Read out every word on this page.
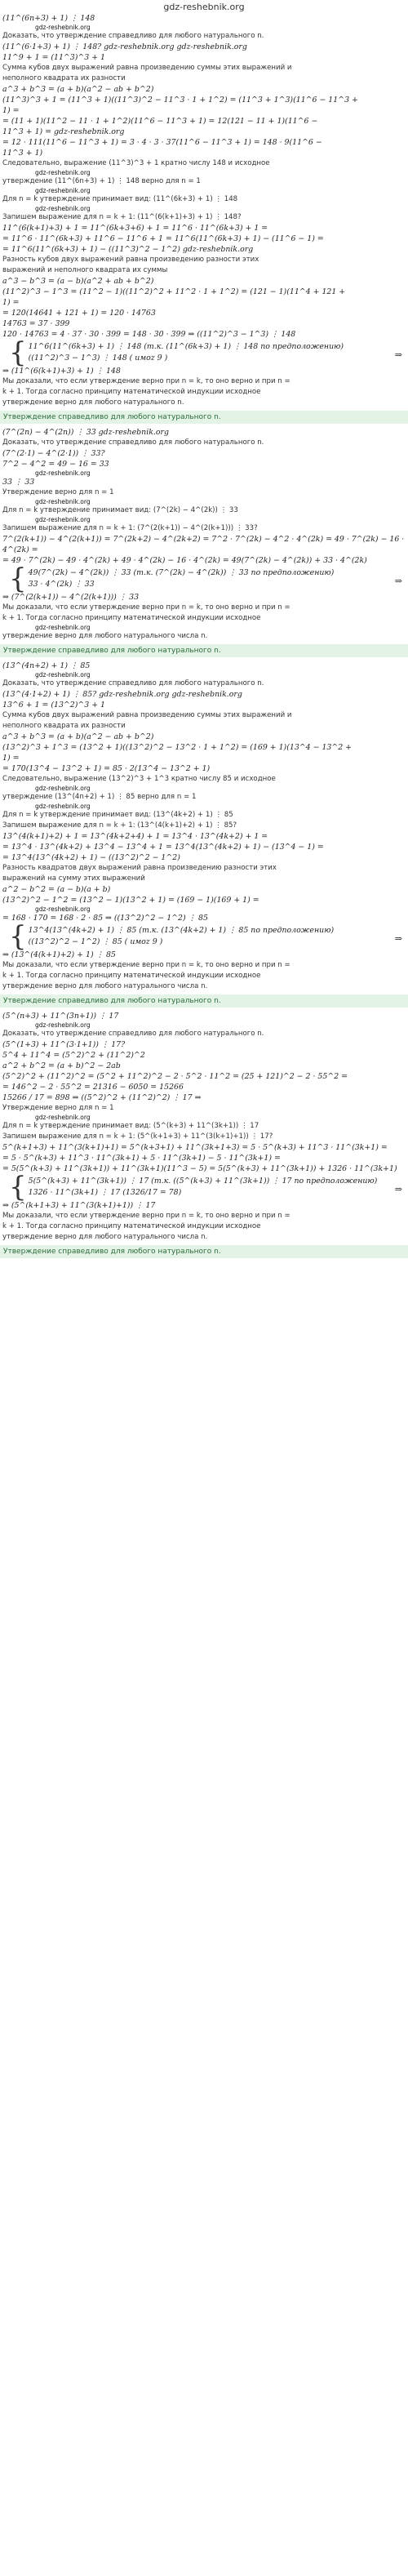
gdz-reshebnik.org
(11^(6n+3) + 1) ⋮ 148
gdz-reshebnik.org
Доказать, что утверждение справедливо для любого натурального n.
(11^(6·1+3) + 1) ⋮ 148? gdz-reshebnik.org gdz-reshebnik.org
11^9 + 1 = (11^3)^3 + 1
Сумма кубов двух выражений равна произведению суммы этих выражений и
неполного квадрата их разности
a^3 + b^3 = (a + b)(a^2 − ab + b^2)
(11^3)^3 + 1 = (11^3 + 1)((11^3)^2 − 11^3 · 1 + 1^2) = (11^3 + 1^3)(11^6 − 11^3 +
1) =
= (11 + 1)(11^2 − 11 · 1 + 1^2)(11^6 − 11^3 + 1) = 12(121 − 11 + 1)(11^6 −
11^3 + 1) = gdz-reshebnik.org
= 12 · 111(11^6 − 11^3 + 1) = 3 · 4 · 3 · 37(11^6 − 11^3 + 1) = 148 · 9(11^6 −
11^3 + 1)
Следовательно, выражение (11^3)^3 + 1 кратно числу 148 и исходное
gdz-reshebnik.org
утверждение (11^(6n+3) + 1) ⋮ 148 верно для n = 1
gdz-reshebnik.org
Для n = k утверждение принимает вид: (11^(6k+3) + 1) ⋮ 148
gdz-reshebnik.org
Запишем выражение для n = k + 1: (11^(6(k+1)+3) + 1) ⋮ 148?
11^(6(k+1)+3) + 1 = 11^(6k+3+6) + 1 = 11^6 · 11^(6k+3) + 1 =
= 11^6 · 11^(6k+3) + 11^6 − 11^6 + 1 = 11^6(11^(6k+3) + 1) − (11^6 − 1) =
= 11^6(11^(6k+3) + 1) − ((11^3)^2 − 1^2) gdz-reshebnik.org
Разность кубов двух выражений равна произведению разности этих
выражений и неполного квадрата их суммы
a^3 − b^3 = (a − b)(a^2 + ab + b^2)
(11^2)^3 − 1^3 = (11^2 − 1)((11^2)^2 + 11^2 · 1 + 1^2) = (121 − 1)(11^4 + 121 +
1) =
= 120(14641 + 121 + 1) = 120 · 14763
14763 = 37 · 399
120 · 14763 = 4 · 37 · 30 · 399 = 148 · 30 · 399 ⇒ ((11^2)^3 − 1^3) ⋮ 148
{ 11^6(11^(6k+3) + 1) ⋮ 148 (т.к. (11^(6k+3) + 1) ⋮ 148 по предположению)
((11^2)^3 − 1^3) ⋮ 148 ( имоz 9 )	⇒
⇒ (11^(6(k+1)+3) + 1) ⋮ 148
Мы доказали, что если утверждение верно при n = k, то оно верно и при n =
k + 1. Тогда согласно принципу математической индукции исходное
утверждение верно для любого натурального n.
Утверждение справедливо для любого натурального n.
(7^(2n) − 4^(2n)) ⋮ 33 gdz-reshebnik.org
Доказать, что утверждение справедливо для любого натурального n.
(7^(2·1) − 4^(2·1)) ⋮ 33?
7^2 − 4^2 = 49 − 16 = 33
gdz-reshebnik.org
33 ⋮ 33
Утверждение верно для n = 1
gdz-reshebnik.org
Для n = k утверждение принимает вид: (7^(2k) − 4^(2k)) ⋮ 33
gdz-reshebnik.org
Запишем выражение для n = k + 1: (7^(2(k+1)) − 4^(2(k+1))) ⋮ 33?
7^(2(k+1)) − 4^(2(k+1)) = 7^(2k+2) − 4^(2k+2) = 7^2 · 7^(2k) − 4^2 · 4^(2k) = 49 · 7^(2k) − 16 ·
4^(2k) =
= 49 · 7^(2k) − 49 · 4^(2k) + 49 · 4^(2k) − 16 · 4^(2k) = 49(7^(2k) − 4^(2k)) + 33 · 4^(2k)
{ 49(7^(2k) − 4^(2k)) ⋮ 33 (т.к. (7^(2k) − 4^(2k)) ⋮ 33 по предположению)
33 · 4^(2k) ⋮ 33	⇒
⇒ (7^(2(k+1)) − 4^(2(k+1))) ⋮ 33
Мы доказали, что если утверждение верно при n = k, то оно верно и при n =
k + 1. Тогда согласно принципу математической индукции исходное
gdz-reshebnik.org
утверждение верно для любого натурального числа n.
Утверждение справедливо для любого натурального n.
(13^(4n+2) + 1) ⋮ 85
gdz-reshebnik.org
Доказать, что утверждение справедливо для любого натурального n.
(13^(4·1+2) + 1) ⋮ 85? gdz-reshebnik.org gdz-reshebnik.org
13^6 + 1 = (13^2)^3 + 1
Сумма кубов двух выражений равна произведению суммы этих выражений и
неполного квадрата их разности
a^3 + b^3 = (a + b)(a^2 − ab + b^2)
(13^2)^3 + 1^3 = (13^2 + 1)((13^2)^2 − 13^2 · 1 + 1^2) = (169 + 1)(13^4 − 13^2 +
1) =
= 170(13^4 − 13^2 + 1) = 85 · 2(13^4 − 13^2 + 1)
Следовательно, выражение (13^2)^3 + 1^3 кратно числу 85 и исходное
gdz-reshebnik.org
утверждение (13^(4n+2) + 1) ⋮ 85 верно для n = 1
gdz-reshebnik.org
Для n = k утверждение принимает вид: (13^(4k+2) + 1) ⋮ 85
Запишем выражение для n = k + 1: (13^(4(k+1)+2) + 1) ⋮ 85?
13^(4(k+1)+2) + 1 = 13^(4k+2+4) + 1 = 13^4 · 13^(4k+2) + 1 =
= 13^4 · 13^(4k+2) + 13^4 − 13^4 + 1 = 13^4(13^(4k+2) + 1) − (13^4 − 1) =
= 13^4(13^(4k+2) + 1) − ((13^2)^2 − 1^2)
Разность квадратов двух выражений равна произведению разности этих
выражений на сумму этих выражений
a^2 − b^2 = (a − b)(a + b)
(13^2)^2 − 1^2 = (13^2 − 1)(13^2 + 1) = (169 − 1)(169 + 1) =
gdz-reshebnik.org
= 168 · 170 = 168 · 2 · 85 ⇒ ((13^2)^2 − 1^2) ⋮ 85
{ 13^4(13^(4k+2) + 1) ⋮ 85 (т.к. (13^(4k+2) + 1) ⋮ 85 по предположению)
((13^2)^2 − 1^2) ⋮ 85 ( имоz 9 )	⇒
⇒ (13^(4(k+1)+2) + 1) ⋮ 85
Мы доказали, что если утверждение верно при n = k, то оно верно и при n =
k + 1. Тогда согласно принципу математической индукции исходное
утверждение верно для любого натурального числа n.
Утверждение справедливо для любого натурального n.
(5^(n+3) + 11^(3n+1)) ⋮ 17
gdz-reshebnik.org
Доказать, что утверждение справедливо для любого натурального n.
(5^(1+3) + 11^(3·1+1)) ⋮ 17?
5^4 + 11^4 = (5^2)^2 + (11^2)^2
a^2 + b^2 = (a + b)^2 − 2ab
(5^2)^2 + (11^2)^2 = (5^2 + 11^2)^2 − 2 · 5^2 · 11^2 = (25 + 121)^2 − 2 · 55^2 =
= 146^2 − 2 · 55^2 = 21316 − 6050 = 15266
15266 / 17 = 898 ⇒ ((5^2)^2 + (11^2)^2) ⋮ 17 ⇒
Утверждение верно для n = 1
gdz-reshebnik.org
Для n = k утверждение принимает вид: (5^(k+3) + 11^(3k+1)) ⋮ 17
Запишем выражение для n = k + 1: (5^(k+1+3) + 11^(3(k+1)+1)) ⋮ 17?
5^(k+1+3) + 11^(3(k+1)+1) = 5^(k+3+1) + 11^(3k+1+3) = 5 · 5^(k+3) + 11^3 · 11^(3k+1) =
= 5 · 5^(k+3) + 11^3 · 11^(3k+1) + 5 · 11^(3k+1) − 5 · 11^(3k+1) =
= 5(5^(k+3) + 11^(3k+1)) + 11^(3k+1)(11^3 − 5) = 5(5^(k+3) + 11^(3k+1)) + 1326 · 11^(3k+1)
{ 5(5^(k+3) + 11^(3k+1)) ⋮ 17 (т.к. ((5^(k+3) + 11^(3k+1)) ⋮ 17 по предположению)
1326 · 11^(3k+1) ⋮ 17 (1326/17 = 78)	⇒
⇒ (5^(k+1+3) + 11^(3(k+1)+1)) ⋮ 17
Мы доказали, что если утверждение верно при n = k, то оно верно и при n =
k + 1. Тогда согласно принципу математической индукции исходное
утверждение верно для любого натурального числа n.
Утверждение справедливо для любого натурального n.
